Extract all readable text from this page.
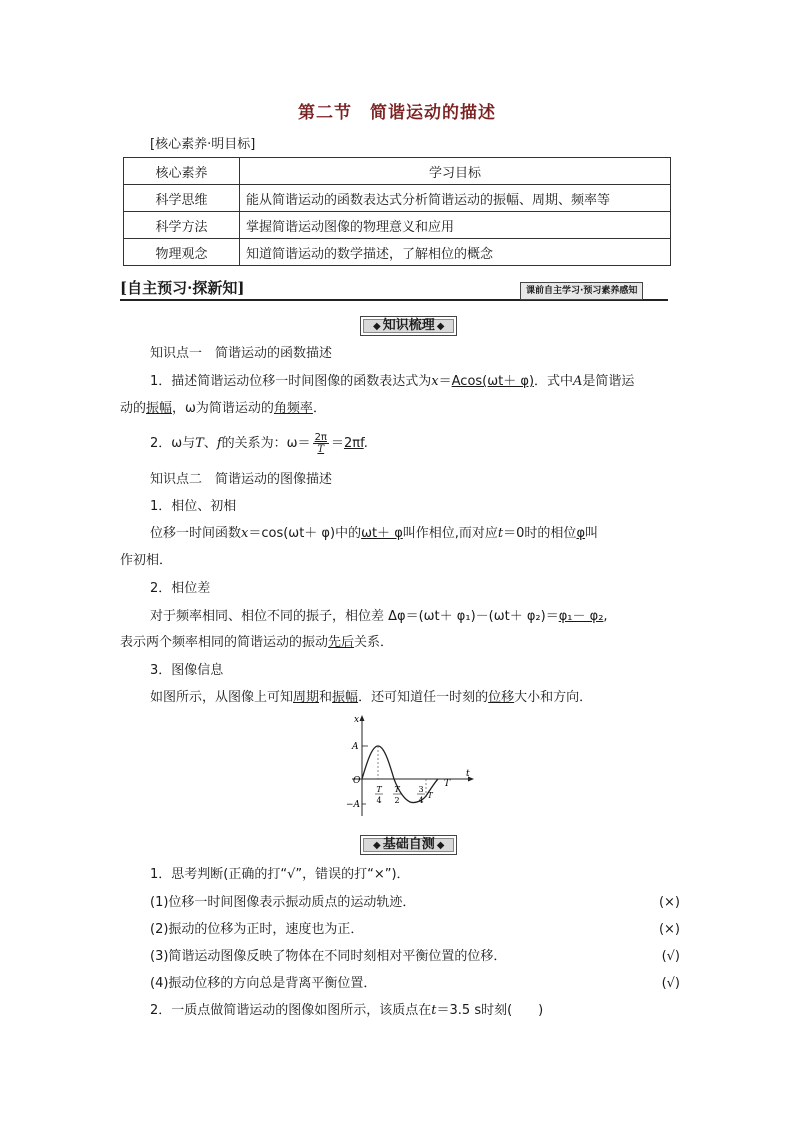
第二节　简谐运动的描述
[核心素养·明目标]
核心素养	学习目标
科学思维	能从简谐运动的函数表达式分析简谐运动的振幅、周期、频率等
科学方法	掌握简谐运动图像的物理意义和应用
物理观念	知道简谐运动的数学描述，了解相位的概念
[自主预习·探新知]	课前自主学习·预习素养感知
◆ 知识梳理 ◆
知识点一　简谐运动的函数描述
1．描述简谐运动位移一时间图像的函数表达式为x＝Acos(ωt＋ φ)．式中A是简谐运
动的振幅，ω为简谐运动的角频率．
2．ω与T、f的关系为：$\omega= \frac{2\pi}{T} =2\pi f$.
知识点二　简谐运动的图像描述
1．相位、初相
位移一时间函数x＝cos(ωt＋ φ)中的ωt＋ φ叫作相位,而对应t＝0时的相位φ叫
作初相．
2．相位差
对于频率相同、相位不同的振子，相位差 Δφ＝(ωt＋ φ₁)－(ωt＋ φ₂)＝φ₁－ φ₂,
表示两个频率相同的简谐运动的振动先后关系．
3．图像信息
如图所示，从图像上可知周期和振幅．还可知道任一时刻的位移大小和方向．
x
t
O
A
−A
T
4
T
2
3
4
T
T
◆ 基础自测 ◆
1．思考判断(正确的打“√”，错误的打“×”)．
(1)位移一时间图像表示振动质点的运动轨迹．	(×)
(2)振动的位移为正时，速度也为正．	(×)
(3)简谐运动图像反映了物体在不同时刻相对平衡位置的位移．	(√)
(4)振动位移的方向总是背离平衡位置．	(√)
2．一质点做简谐运动的图像如图所示，该质点在t＝3.5 s时刻(　　)
